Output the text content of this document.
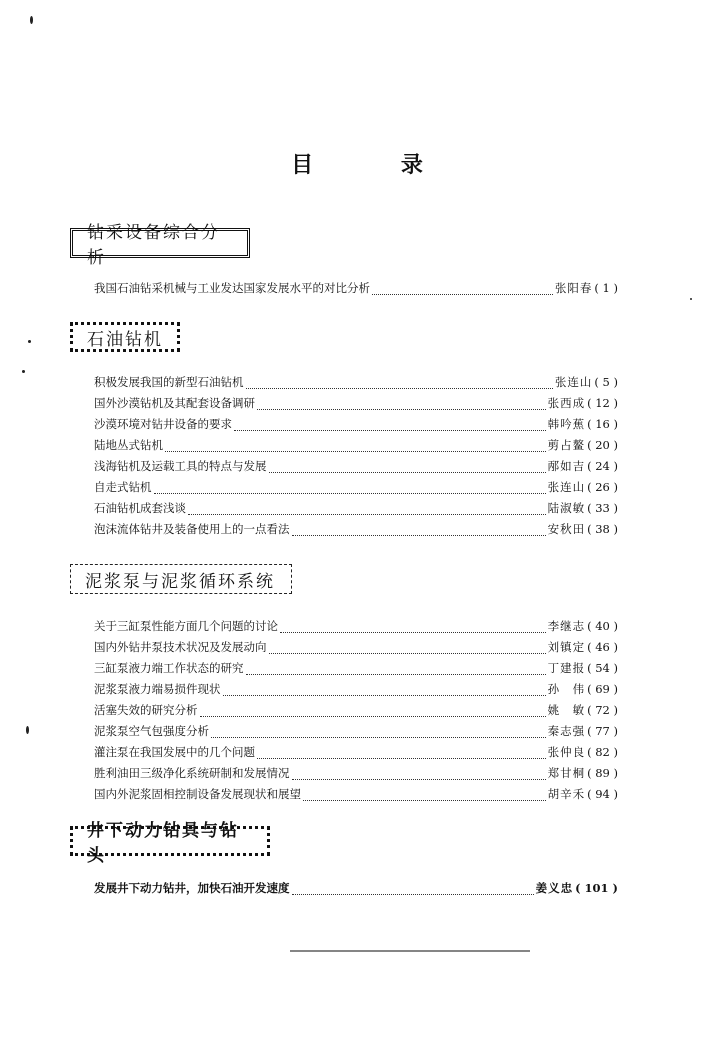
目 录
钻采设备综合分析
我国石油钻采机械与工业发达国家发展水平的对比分析	张阳春 ( 1 )
石油钻机
积极发展我国的新型石油钻机	张连山 ( 5 )
国外沙漠钻机及其配套设备调研	张西成 ( 12 )
沙漠环境对钻井设备的要求	韩吟蕉 ( 16 )
陆地丛式钻机	剪占鳌 ( 20 )
浅海钻机及运载工具的特点与发展	邴如吉 ( 24 )
自走式钻机	张连山 ( 26 )
石油钻机成套浅谈	陆淑敏 ( 33 )
泡沫流体钻井及装备使用上的一点看法	安秋田 ( 38 )
泥浆泵与泥浆循环系统
关于三缸泵性能方面几个问题的讨论	李继志 ( 40 )
国内外钻井泵技术状况及发展动向	刘镇定 ( 46 )
三缸泵液力端工作状态的研究	丁建报 ( 54 )
泥浆泵液力端易损件现状	孙　伟 ( 69 )
活塞失效的研究分析	姚　敏 ( 72 )
泥浆泵空气包强度分析	秦志强 ( 77 )
灌注泵在我国发展中的几个问题	张仲良 ( 82 )
胜利油田三级净化系统研制和发展情况	郑甘桐 ( 89 )
国内外泥浆固相控制设备发展现状和展望	胡辛禾 ( 94 )
井下动力钻具与钻头
发展井下动力钻井，加快石油开发速度	姜义忠 ( 101 )
